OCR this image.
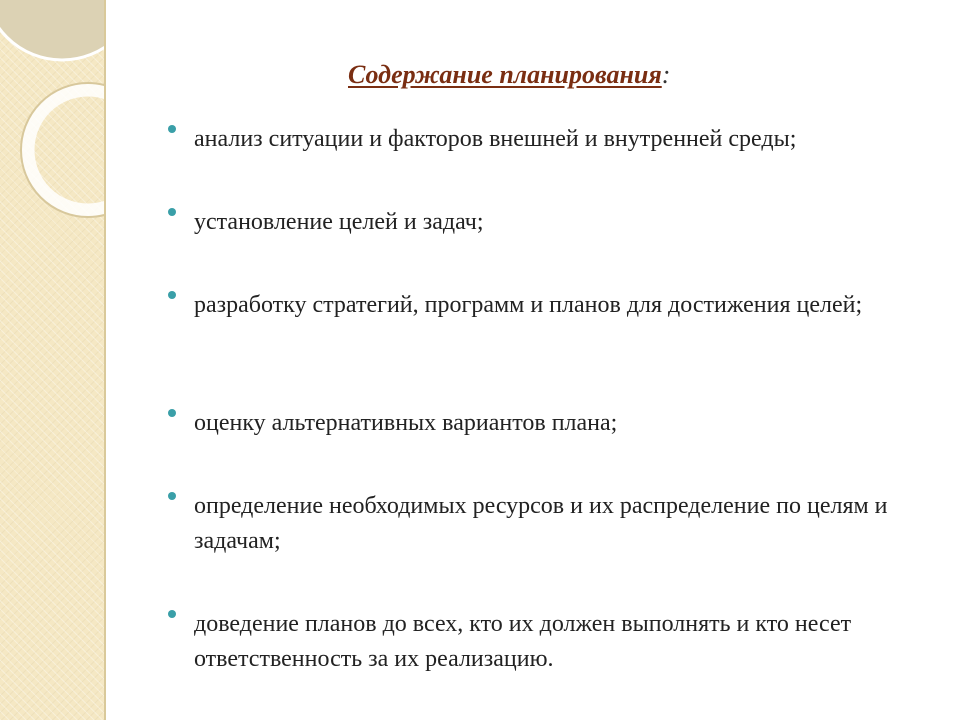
Содержание планирования:
анализ ситуации и факторов внешней и внутренней среды;
установление целей и задач;
разработку стратегий, программ и планов для достижения целей;
оценку альтернативных вариантов плана;
определение необходимых ресурсов и их распределение по целям и задачам;
доведение планов до всех, кто их должен выполнять и кто несет ответственность за их реализацию.
